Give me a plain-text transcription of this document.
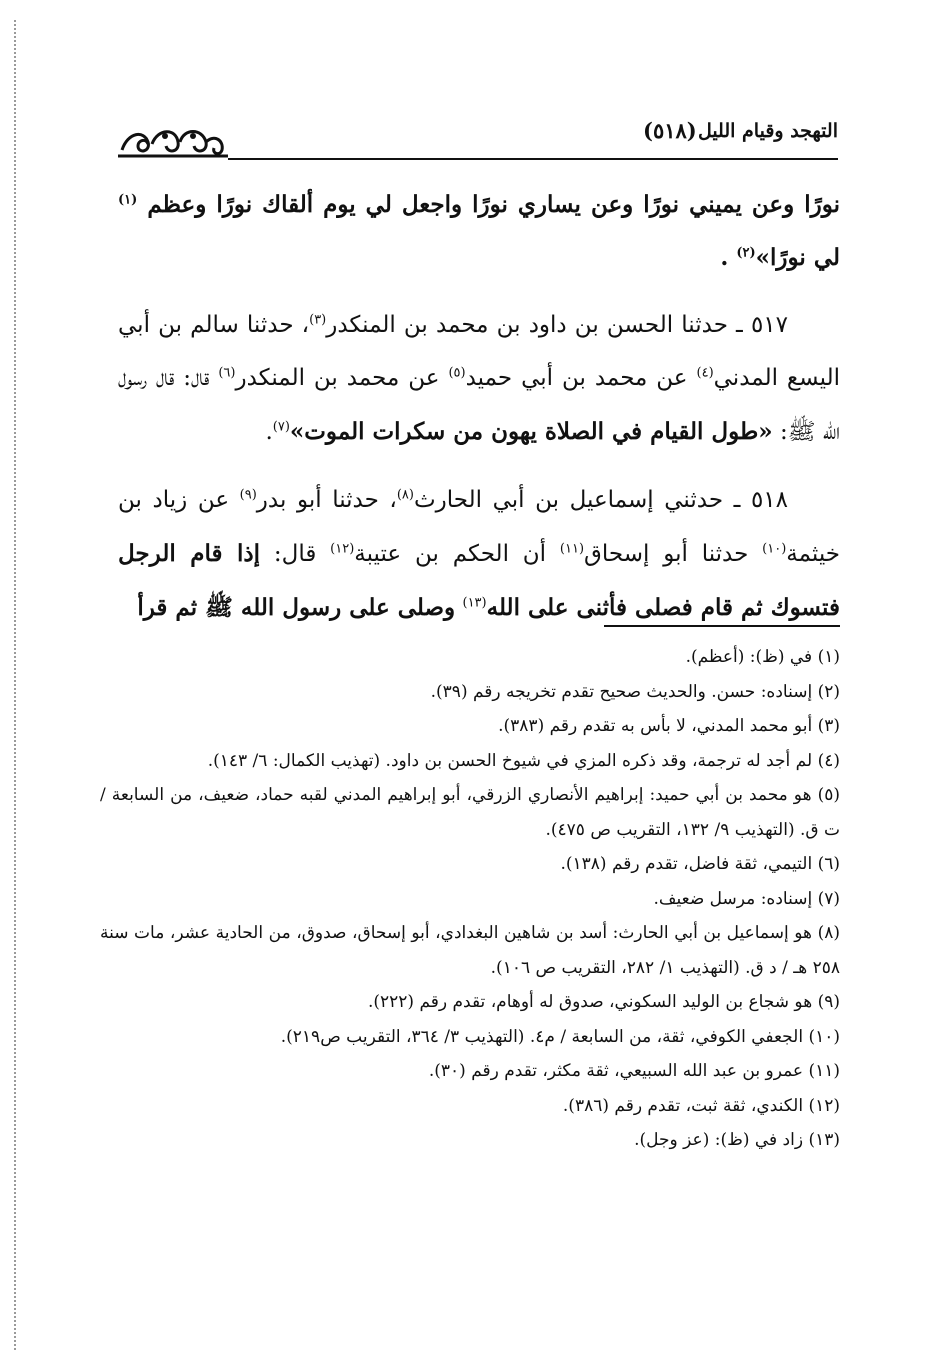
(٥١٨) التهجد وقيام الليل

نورًا وعن يميني نورًا وعن يساري نورًا واجعل لي يوم ألقاك نورًا وعظم $^{(١)}$ لي نورًا»$^{(٢)}$ .

٥١٧ ـ حدثنا الحسن بن داود بن محمد بن المنكدر$^{(٣)}$، حدثنا سالم بن أبي اليسع المدني$^{(٤)}$ عن محمد بن أبي حميد$^{(٥)}$ عن محمد بن المنكدر$^{(٦)}$ قال: قال رسول الله ﷺ: «طول القيام في الصلاة يهون من سكرات الموت»$^{(٧)}$.

٥١٨ ـ حدثني إسماعيل بن أبي الحارث$^{(٨)}$، حدثنا أبو بدر$^{(٩)}$ عن زياد بن خيثمة$^{(١٠)}$ حدثنا أبو إسحاق$^{(١١)}$ أن الحكم بن عتيبة$^{(١٢)}$ قال: إذا قام الرجل فتسوك ثم قام فصلى فأثنى على الله$^{(١٣)}$ وصلى على رسول الله ﷺ ثم قرأ

(١) في (ظ): (أعظم).

(٢) إسناده: حسن. والحديث صحيح تقدم تخريجه رقم (٣٩).

(٣) أبو محمد المدني، لا بأس به تقدم رقم (٣٨٣).

(٤) لم أجد له ترجمة، وقد ذكره المزي في شيوخ الحسن بن داود. (تهذيب الكمال: ٦/ ١٤٣).

(٥) هو محمد بن أبي حميد: إبراهيم الأنصاري الزرقي، أبو إبراهيم المدني لقبه حماد، ضعيف، من السابعة / ت ق. (التهذيب ٩/ ١٣٢، التقريب ص ٤٧٥).

(٦) التيمي، ثقة فاضل، تقدم رقم (١٣٨).

(٧) إسناده: مرسل ضعيف.

(٨) هو إسماعيل بن أبي الحارث: أسد بن شاهين البغدادي، أبو إسحاق، صدوق، من الحادية عشر، مات سنة ٢٥٨ هـ / د ق. (التهذيب ١/ ٢٨٢، التقريب ص ١٠٦).

(٩) هو شجاع بن الوليد السكوني، صدوق له أوهام، تقدم رقم (٢٢٢).

(١٠) الجعفي الكوفي، ثقة، من السابعة / م٤. (التهذيب ٣/ ٣٦٤، التقريب ص٢١٩).

(١١) عمرو بن عبد الله السبيعي، ثقة مكثر، تقدم رقم (٣٠).

(١٢) الكندي، ثقة ثبت، تقدم رقم (٣٨٦).

(١٣) زاد في (ظ): (عز وجل).
